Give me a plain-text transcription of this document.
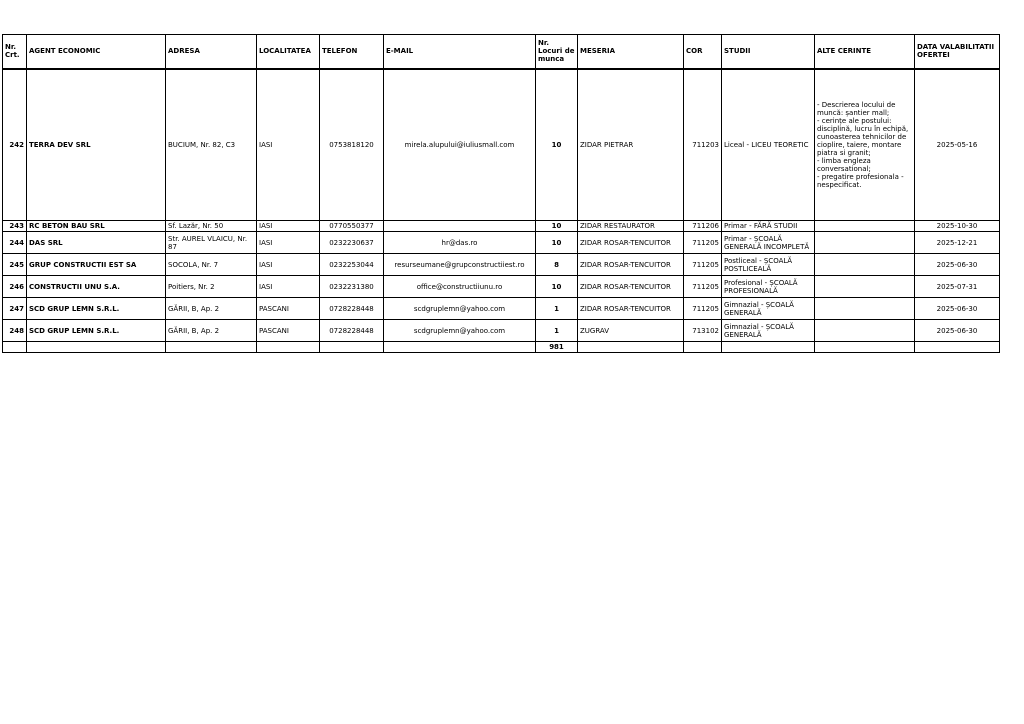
Nr. Crt.	AGENT ECONOMIC	ADRESA	LOCALITATEA	TELEFON	E-MAIL	Nr. Locuri de munca	MESERIA	COR	STUDII	ALTE CERINTE	DATA VALABILITATII OFERTEI
242	TERRA DEV SRL	BUCIUM, Nr. 82, C3	IASI	0753818120	mirela.alupului@iuliusmall.com	10	ZIDAR PIETRAR	711203	Liceal - LICEU TEORETIC	- Descrierea locului de muncă: șantier mall;
- cerințe ale postului: disciplină, lucru în echipă, cunoasterea tehnicilor de cioplire, taiere, montare piatra si granit;
- limba engleza conversational;
- pregatire profesionala - nespecificat.	2025-05-16
243	RC BETON BAU SRL	Sf. Lazăr, Nr. 50	IASI	0770550377		10	ZIDAR RESTAURATOR	711206	Primar - FĂRĂ STUDII		2025-10-30
244	DAS SRL	Str. AUREL VLAICU, Nr. 87	IASI	0232230637	hr@das.ro	10	ZIDAR ROSAR-TENCUITOR	711205	Primar - ȘCOALĂ GENERALĂ INCOMPLETĂ		2025-12-21
245	GRUP CONSTRUCTII EST SA	SOCOLA, Nr. 7	IASI	0232253044	resurseumane@grupconstructiiest.ro	8	ZIDAR ROSAR-TENCUITOR	711205	Postliceal - ȘCOALĂ POSTLICEALĂ		2025-06-30
246	CONSTRUCTII UNU S.A.	Poitiers, Nr. 2	IASI	0232231380	office@constructiiunu.ro	10	ZIDAR ROSAR-TENCUITOR	711205	Profesional - ȘCOALĂ PROFESIONALĂ		2025-07-31
247	SCD GRUP LEMN S.R.L.	GĂRII, B, Ap. 2	PASCANI	0728228448	scdgruplemn@yahoo.com	1	ZIDAR ROSAR-TENCUITOR	711205	Gimnazial - ȘCOALĂ GENERALĂ		2025-06-30
248	SCD GRUP LEMN S.R.L.	GĂRII, B, Ap. 2	PASCANI	0728228448	scdgruplemn@yahoo.com	1	ZUGRAV	713102	Gimnazial - ȘCOALĂ GENERALĂ		2025-06-30
						981					
